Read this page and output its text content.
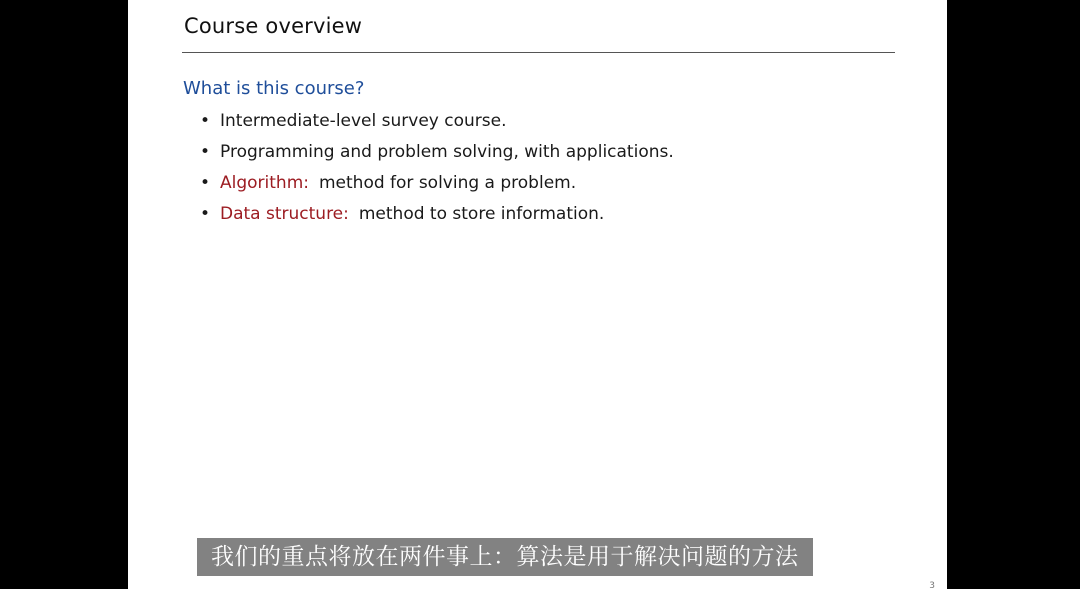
Course overview
What is this course?
• Intermediate-level survey course.
• Programming and problem solving, with applications.
• Algorithm: method for solving a problem.
• Data structure: method to store information.
3
我们的重点将放在两件事上：算法是用于解决问题的方法
